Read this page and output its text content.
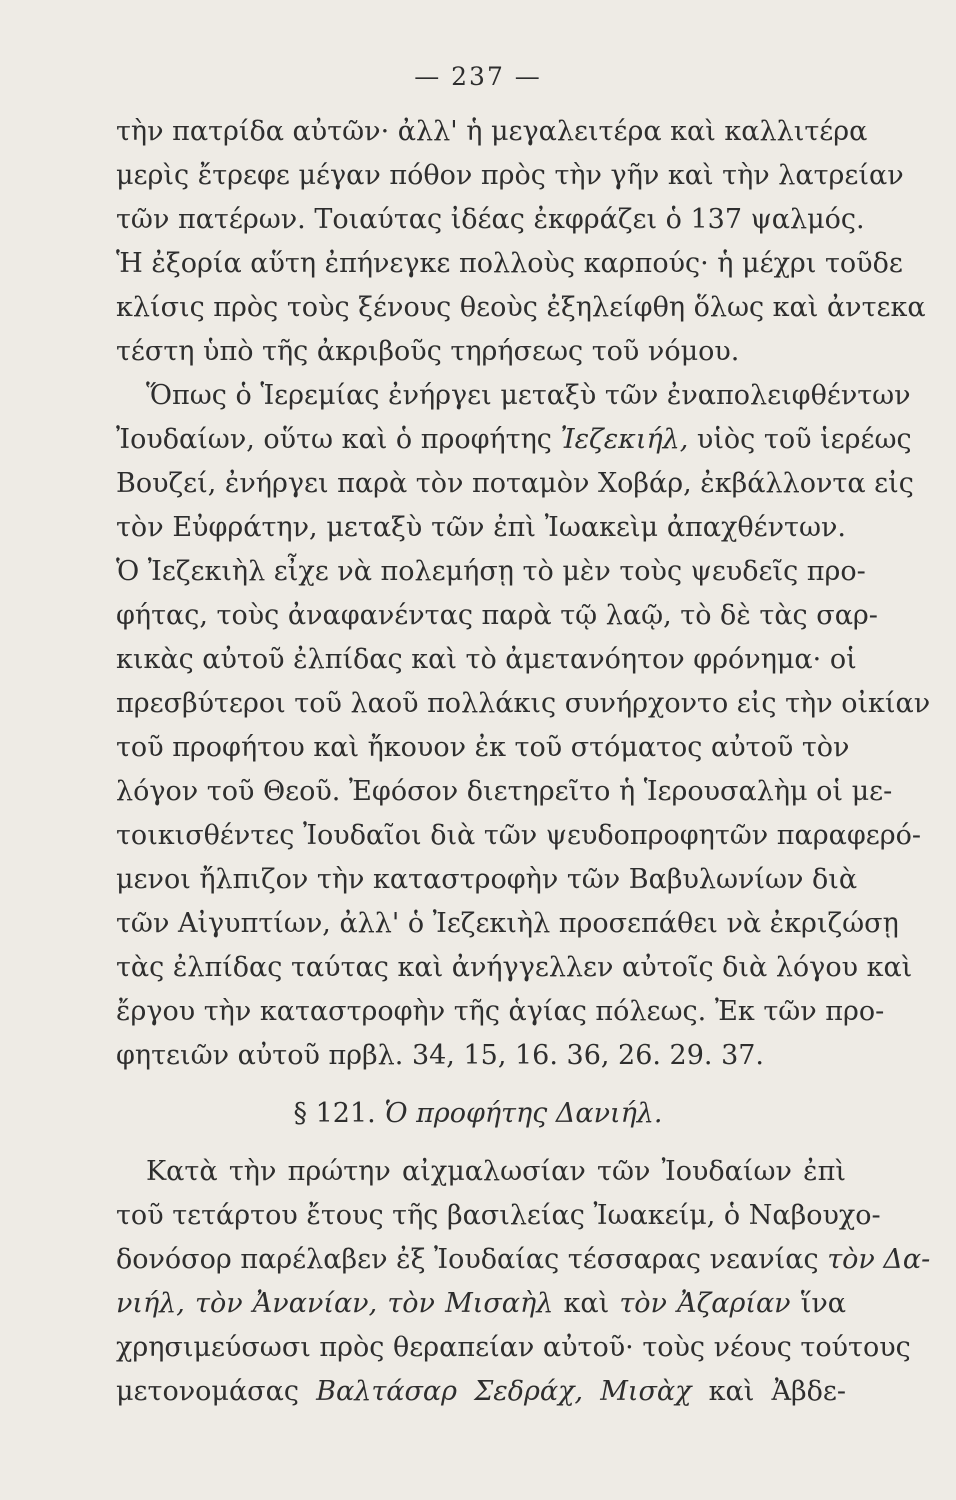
— 237 —
τὴν πατρίδα αὐτῶν· ἀλλ' ἡ μεγαλειτέρα καὶ καλλιτέρα
μερὶς ἔτρεφε μέγαν πόθον πρὸς τὴν γῆν καὶ τὴν λατρείαν
τῶν πατέρων. Τοιαύτας ἰδέας ἐκφράζει ὁ 137 ψαλμός.
Ἡ ἐξορία αὕτη ἐπήνεγκε πολλοὺς καρπούς· ἡ μέχρι τοῦδε
κλίσις πρὸς τοὺς ξένους θεοὺς ἐξηλείφθη ὅλως καὶ ἀντεκα
τέστη ὑπὸ τῆς ἀκριβοῦς τηρήσεως τοῦ νόμου.
Ὅπως ὁ Ἱερεμίας ἐνήργει μεταξὺ τῶν ἐναπολειφθέντων
Ἰουδαίων, οὕτω καὶ ὁ προφήτης Ἰεζεκιήλ, υἱὸς τοῦ ἱερέως
Βουζεί, ἐνήργει παρὰ τὸν ποταμὸν Χοβάρ, ἐκβάλλοντα εἰς
τὸν Εὐφράτην, μεταξὺ τῶν ἐπὶ Ἰωακεὶμ ἀπαχθέντων.
Ὁ Ἰεζεκιὴλ εἶχε νὰ πολεμήσῃ τὸ μὲν τοὺς ψευδεῖς προ-
φήτας, τοὺς ἀναφανέντας παρὰ τῷ λαῷ, τὸ δὲ τὰς σαρ-
κικὰς αὐτοῦ ἐλπίδας καὶ τὸ ἀμετανόητον φρόνημα· οἱ
πρεσβύτεροι τοῦ λαοῦ πολλάκις συνήρχοντο εἰς τὴν οἰκίαν
τοῦ προφήτου καὶ ἤκουον ἐκ τοῦ στόματος αὐτοῦ τὸν
λόγον τοῦ Θεοῦ. Ἐφόσον διετηρεῖτο ἡ Ἱερουσαλὴμ οἱ με-
τοικισθέντες Ἰουδαῖοι διὰ τῶν ψευδοπροφητῶν παραφερό-
μενοι ἤλπιζον τὴν καταστροφὴν τῶν Βαβυλωνίων διὰ
τῶν Αἰγυπτίων, ἀλλ' ὁ Ἰεζεκιὴλ προσεπάθει νὰ ἐκριζώσῃ
τὰς ἐλπίδας ταύτας καὶ ἀνήγγελλεν αὐτοῖς διὰ λόγου καὶ
ἔργου τὴν καταστροφὴν τῆς ἁγίας πόλεως. Ἐκ τῶν προ-
φητειῶν αὐτοῦ πρβλ. 34, 15, 16. 36, 26. 29. 37.
§ 121. Ὁ προφήτης Δανιήλ.
Κατὰ τὴν πρώτην αἰχμαλωσίαν τῶν Ἰουδαίων ἐπὶ
τοῦ τετάρτου ἔτους τῆς βασιλείας Ἰωακείμ, ὁ Ναβουχο-
δονόσορ παρέλαβεν ἐξ Ἰουδαίας τέσσαρας νεανίας τὸν Δα-
νιήλ, τὸν Ἀνανίαν, τὸν Μισαὴλ καὶ τὸν Ἀζαρίαν ἵνα
χρησιμεύσωσι πρὸς θεραπείαν αὐτοῦ· τοὺς νέους τούτους
μετονομάσας Βαλτάσαρ Σεδράχ, Μισὰχ καὶ Ἀβδε-
